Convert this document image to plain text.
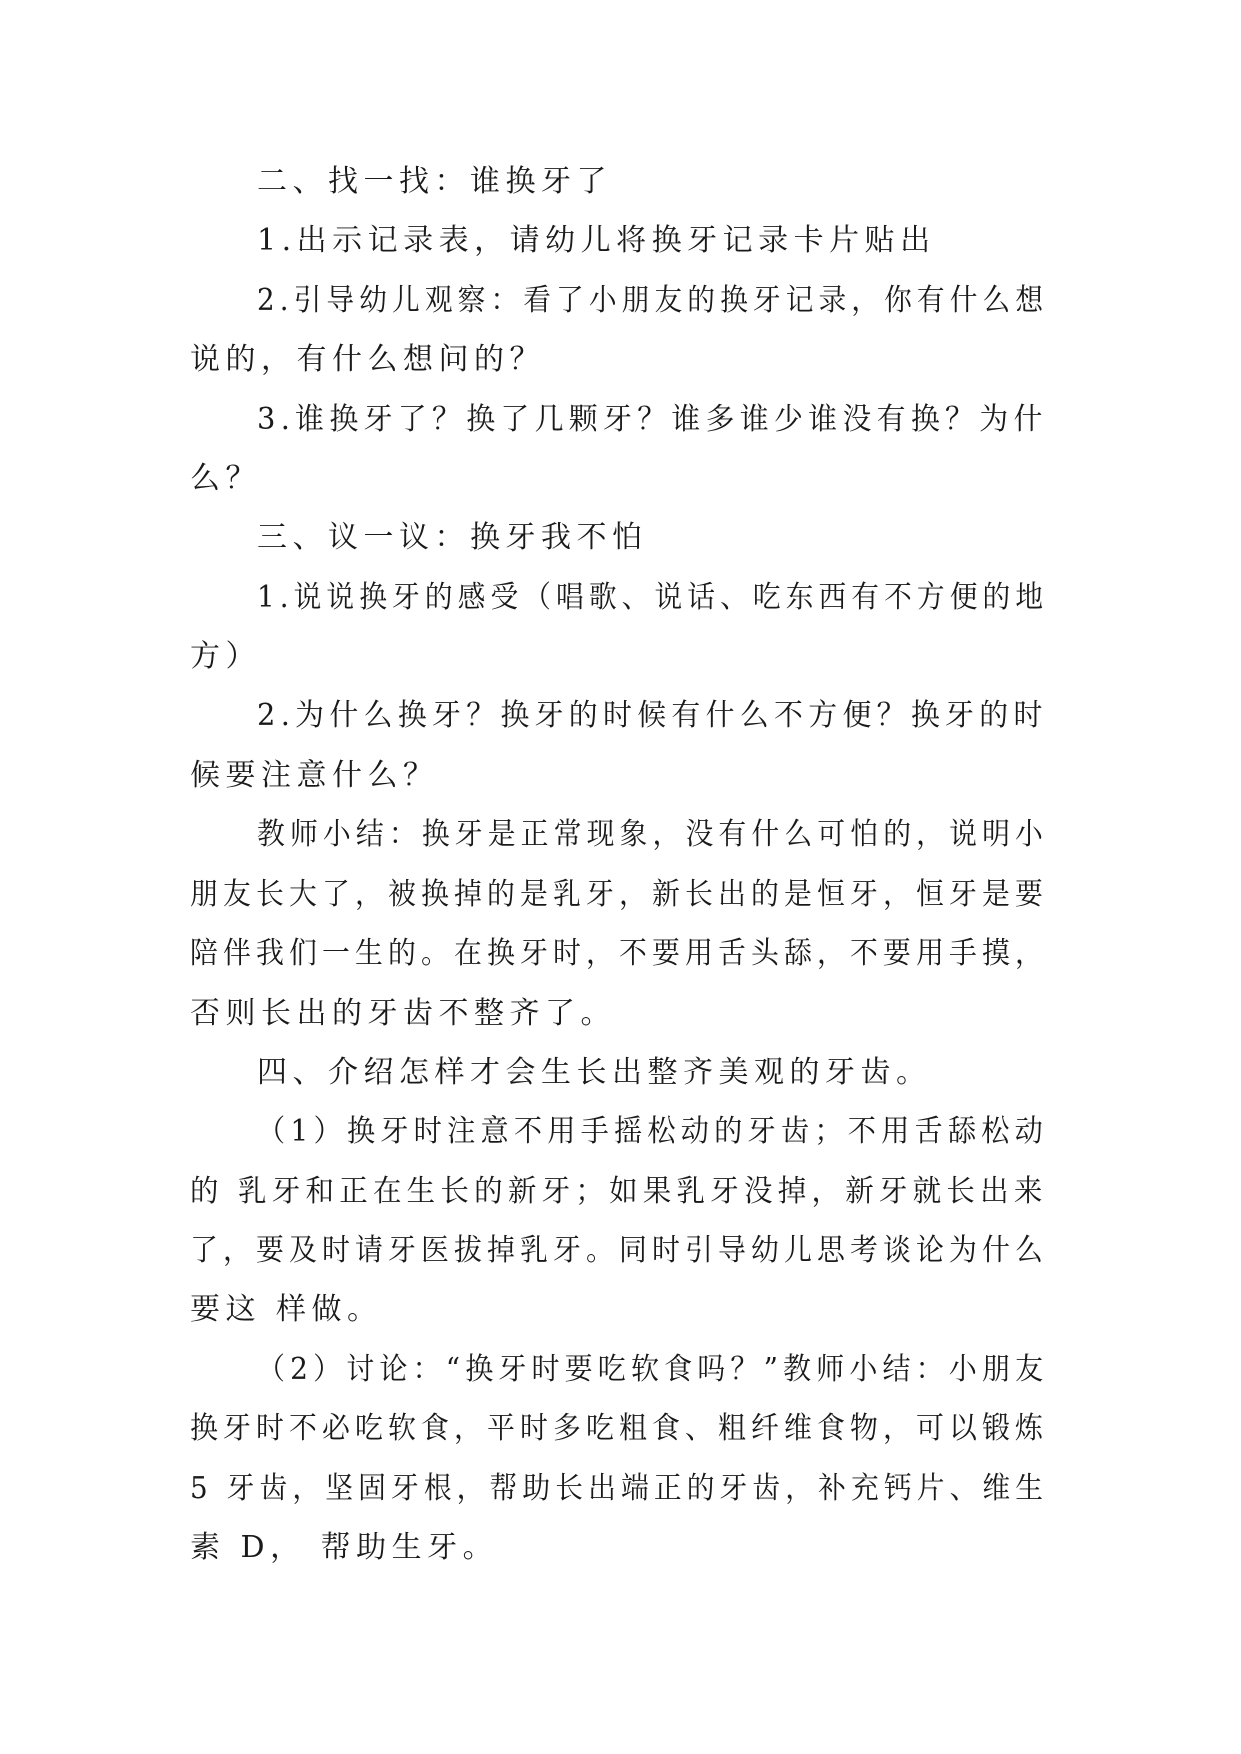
二、找一找：谁换牙了
1.出示记录表，请幼儿将换牙记录卡片贴出
2.引导幼儿观察：看了小朋友的换牙记录，你有什么想
说的，有什么想问的？
3.谁换牙了？换了几颗牙？谁多谁少谁没有换？为什
么？
三、议一议：换牙我不怕
1.说说换牙的感受（唱歌、说话、吃东西有不方便的地
方）
2.为什么换牙？换牙的时候有什么不方便？换牙的时
候要注意什么？
教师小结：换牙是正常现象，没有什么可怕的，说明小
朋友长大了，被换掉的是乳牙，新长出的是恒牙，恒牙是要
陪伴我们一生的。在换牙时，不要用舌头舔，不要用手摸，
否则长出的牙齿不整齐了。
四、介绍怎样才会生长出整齐美观的牙齿。
（1）换牙时注意不用手摇松动的牙齿；不用舌舔松动
的 乳牙和正在生长的新牙；如果乳牙没掉，新牙就长出来
了，要及时请牙医拔掉乳牙。同时引导幼儿思考谈论为什么
要这 样做。
（2）讨论：“换牙时要吃软食吗？”教师小结：小朋友
换牙时不必吃软食，平时多吃粗食、粗纤维食物，可以锻炼
5 牙齿，坚固牙根，帮助长出端正的牙齿，补充钙片、维生
素 D， 帮助生牙。
